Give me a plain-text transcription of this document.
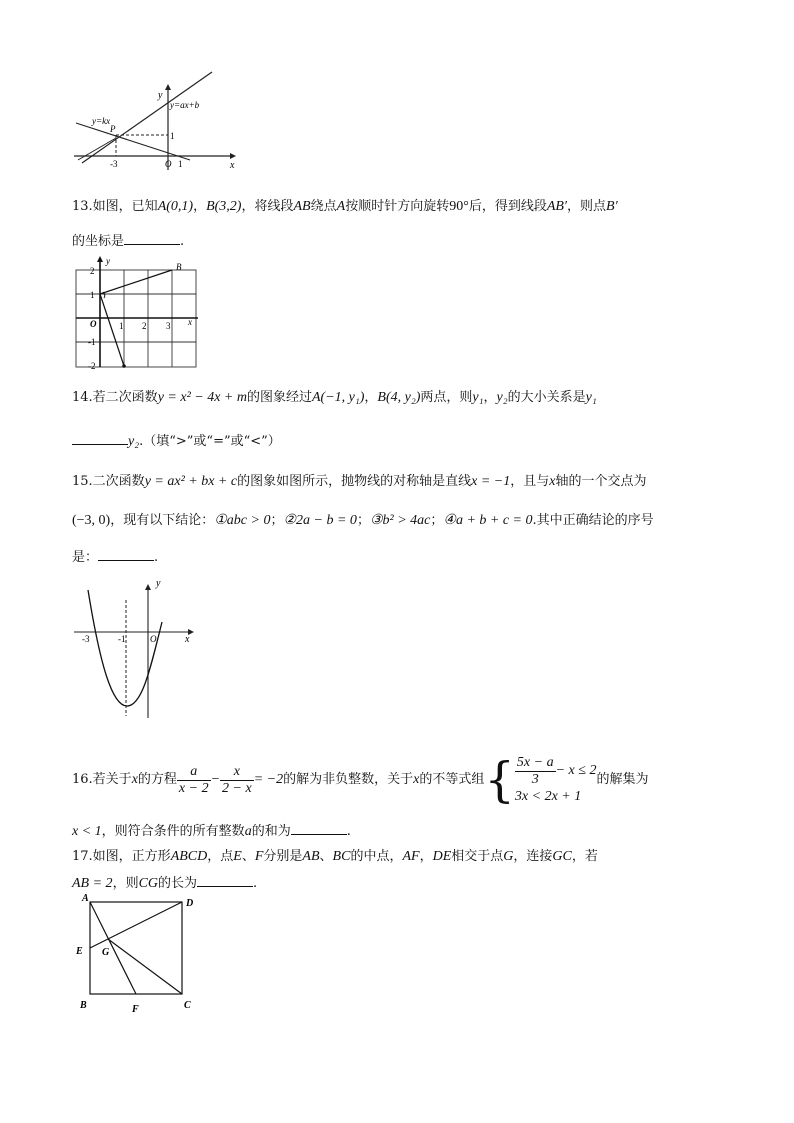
y
x
y=ax+b
y=kx
P
1
-3	O 1
13.如图，已知A(0,1)，B(3,2)，将线段AB绕点A按顺时针方向旋转90°后，得到线段AB′，则点B′
的坐标是	.
y
x
B
O
2
1
-1
-2
1 2 3
14.若二次函数y = x² − 4x + m的图象经过A(−1, y₁)，B(4, y₂)两点，则y₁，y₂的大小关系是y₁
y₂.（填“>”或“=”或“<”）
15.二次函数y = ax² + bx + c的图象如图所示，抛物线的对称轴是直线x = −1，且与x轴的一个交点为
(−3, 0)，现有以下结论：①abc > 0；②2a − b = 0；③b² > 4ac；④a + b + c = 0.其中正确结论的序号
是：	.
y
x
-3	-1	O
16.若关于 x 的方程 $\frac{a}{x - 2} - \frac{x}{2 - x} = -2$ 的解为非负整数，关于 x 的不等式组 { $\frac{5x - a}{3} - x \le 2$
3x < 2x + 1
的解集为
x < 1，则符合条件的所有整数a的和为	.
17.如图，正方形ABCD，点E、F分别是AB、BC的中点，AF，DE相交于点G，连接GC，若
AB = 2，则CG的长为	.
A	D
E G
B	F	C
